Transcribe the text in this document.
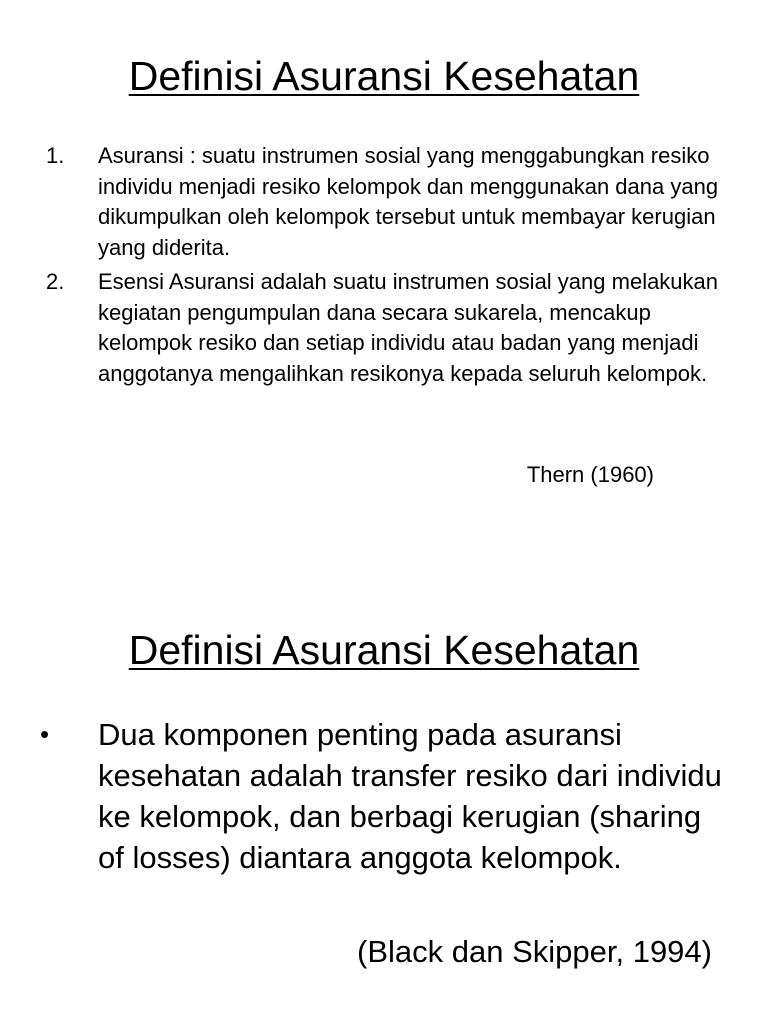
Definisi Asuransi Kesehatan
1. Asuransi : suatu instrumen sosial yang menggabungkan resiko individu menjadi resiko kelompok dan menggunakan dana yang dikumpulkan oleh kelompok tersebut untuk membayar kerugian yang diderita.
2. Esensi Asuransi adalah suatu instrumen sosial yang melakukan kegiatan pengumpulan dana secara sukarela, mencakup kelompok resiko dan setiap individu atau badan yang menjadi anggotanya mengalihkan resikonya kepada seluruh kelompok.
Thern (1960)
Definisi Asuransi Kesehatan
• Dua komponen penting pada asuransi kesehatan adalah transfer resiko dari individu ke kelompok, dan berbagi kerugian (sharing of losses) diantara anggota kelompok.
(Black dan Skipper, 1994)
